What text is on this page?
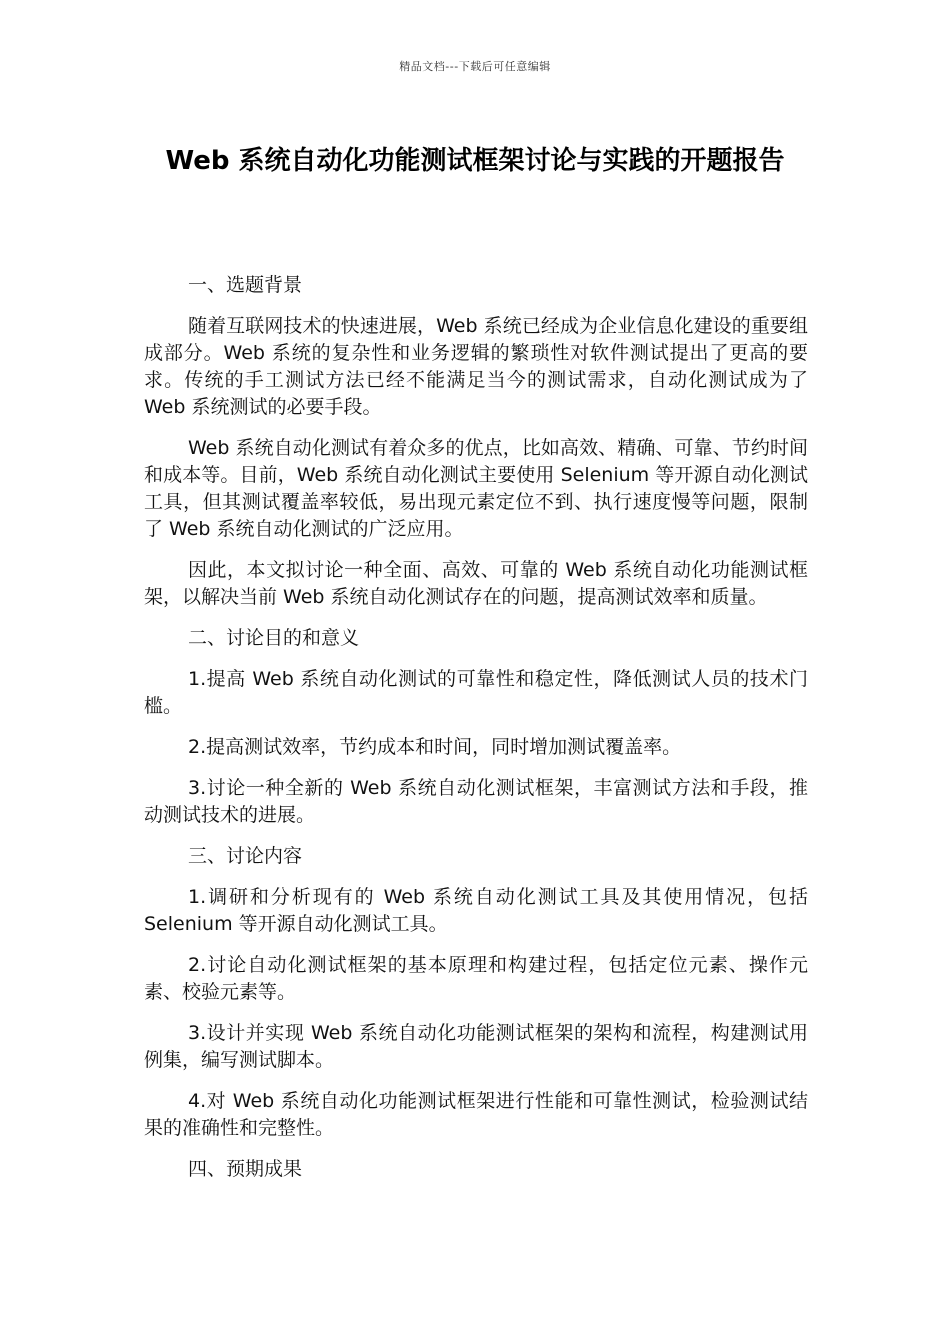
精品文档---下载后可任意编辑
Web 系统自动化功能测试框架讨论与实践的开题报告

一、选题背景

随着互联网技术的快速进展，Web 系统已经成为企业信息化建设的重要组成部分。Web 系统的复杂性和业务逻辑的繁琐性对软件测试提出了更高的要求。传统的手工测试方法已经不能满足当今的测试需求，自动化测试成为了 Web 系统测试的必要手段。

Web 系统自动化测试有着众多的优点，比如高效、精确、可靠、节约时间和成本等。目前，Web 系统自动化测试主要使用 Selenium 等开源自动化测试工具，但其测试覆盖率较低，易出现元素定位不到、执行速度慢等问题，限制了 Web 系统自动化测试的广泛应用。

因此，本文拟讨论一种全面、高效、可靠的 Web 系统自动化功能测试框架，以解决当前 Web 系统自动化测试存在的问题，提高测试效率和质量。

二、讨论目的和意义

1.提高 Web 系统自动化测试的可靠性和稳定性，降低测试人员的技术门槛。

2.提高测试效率，节约成本和时间，同时增加测试覆盖率。

3.讨论一种全新的 Web 系统自动化测试框架，丰富测试方法和手段，推动测试技术的进展。

三、讨论内容

1.调研和分析现有的 Web 系统自动化测试工具及其使用情况，包括 Selenium 等开源自动化测试工具。

2.讨论自动化测试框架的基本原理和构建过程，包括定位元素、操作元素、校验元素等。

3.设计并实现 Web 系统自动化功能测试框架的架构和流程，构建测试用例集，编写测试脚本。

4.对 Web 系统自动化功能测试框架进行性能和可靠性测试，检验测试结果的准确性和完整性。

四、预期成果
